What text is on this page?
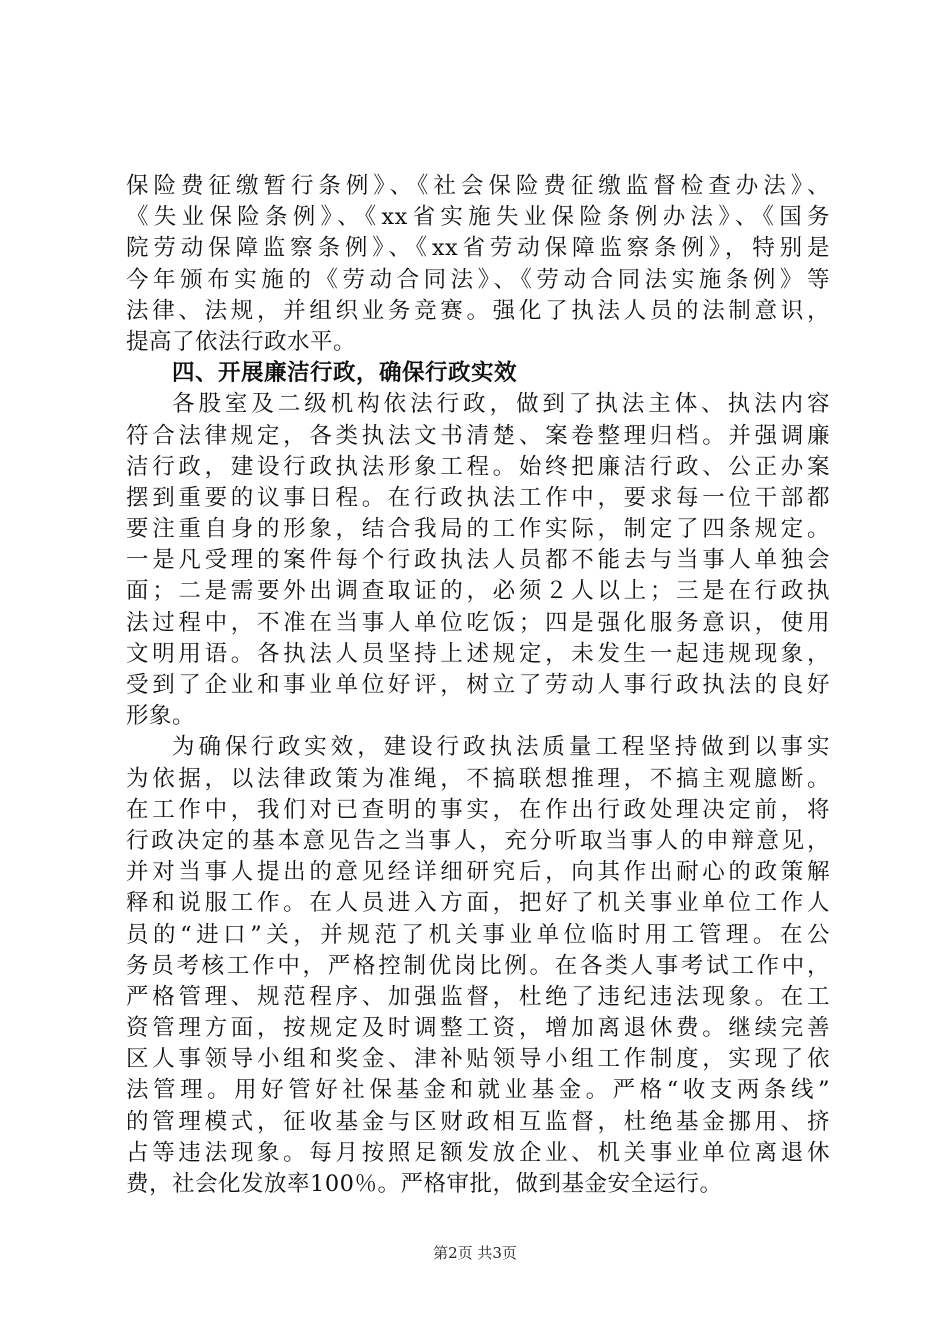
保险费征缴暂行条例》、《社会保险费征缴监督检查办法》、
《失业保险条例》、《xx省实施失业保险条例办法》、《国务
院劳动保障监察条例》、《xx省劳动保障监察条例》，特别是
今年颁布实施的《劳动合同法》、《劳动合同法实施条例》等
法律、法规，并组织业务竞赛。强化了执法人员的法制意识，
提高了依法行政水平。
四、开展廉洁行政，确保行政实效
各股室及二级机构依法行政，做到了执法主体、执法内容
符合法律规定，各类执法文书清楚、案卷整理归档。并强调廉
洁行政，建设行政执法形象工程。始终把廉洁行政、公正办案
摆到重要的议事日程。在行政执法工作中，要求每一位干部都
要注重自身的形象，结合我局的工作实际，制定了四条规定。
一是凡受理的案件每个行政执法人员都不能去与当事人单独会
面；二是需要外出调查取证的，必须２人以上；三是在行政执
法过程中，不准在当事人单位吃饭；四是强化服务意识，使用
文明用语。各执法人员坚持上述规定，未发生一起违规现象，
受到了企业和事业单位好评，树立了劳动人事行政执法的良好
形象。
为确保行政实效，建设行政执法质量工程坚持做到以事实
为依据，以法律政策为准绳，不搞联想推理，不搞主观臆断。
在工作中，我们对已查明的事实，在作出行政处理决定前，将
行政决定的基本意见告之当事人，充分听取当事人的申辩意见，
并对当事人提出的意见经详细研究后，向其作出耐心的政策解
释和说服工作。在人员进入方面，把好了机关事业单位工作人
员的“进口”关，并规范了机关事业单位临时用工管理。在公
务员考核工作中，严格控制优岗比例。在各类人事考试工作中，
严格管理、规范程序、加强监督，杜绝了违纪违法现象。在工
资管理方面，按规定及时调整工资，增加离退休费。继续完善
区人事领导小组和奖金、津补贴领导小组工作制度，实现了依
法管理。用好管好社保基金和就业基金。严格“收支两条线”
的管理模式，征收基金与区财政相互监督，杜绝基金挪用、挤
占等违法现象。每月按照足额发放企业、机关事业单位离退休
费，社会化发放率100％。严格审批，做到基金安全运行。
第2页 共3页
